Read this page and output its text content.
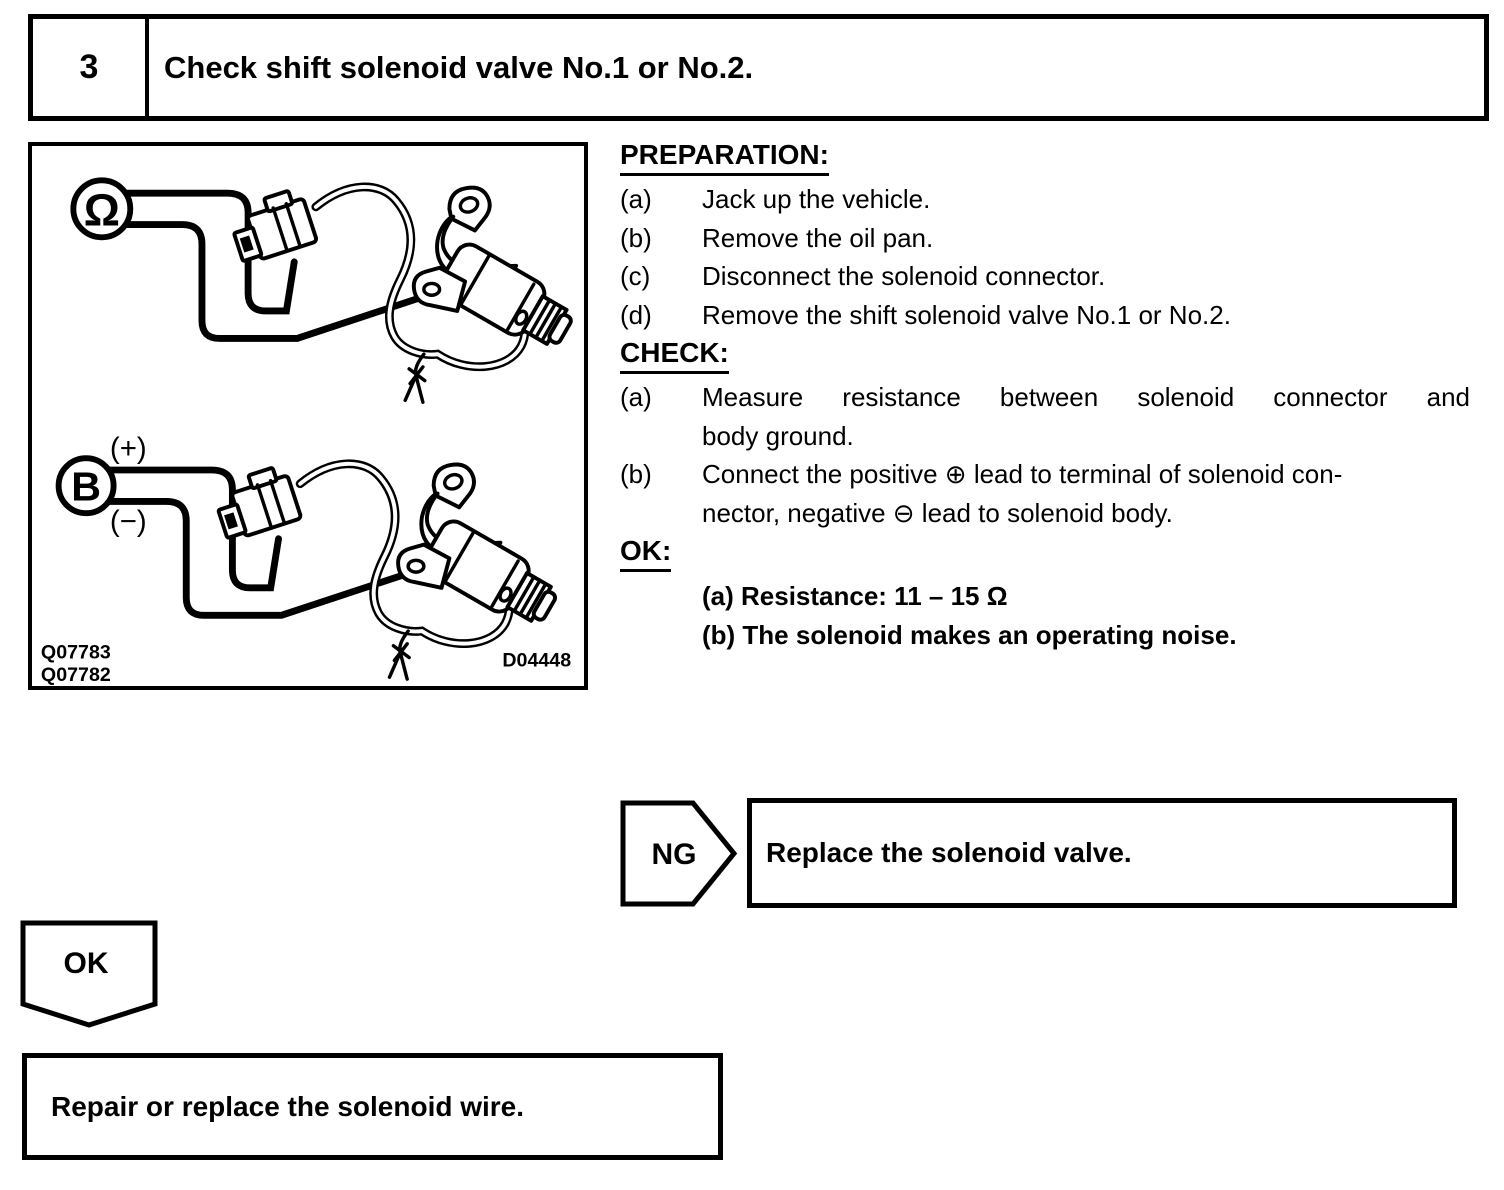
3	Check shift solenoid valve No.1 or No.2.
Ω
B
(+)
(−)
Q07783
Q07782
D04448
PREPARATION:
(a)	Jack up the vehicle.
(b)	Remove the oil pan.
(c)	Disconnect the solenoid connector.
(d)	Remove the shift solenoid valve No.1 or No.2.
CHECK:
(a)	Measure resistance between solenoid connector and
body ground.
(b)	Connect the positive ⊕ lead to terminal of solenoid con-
nector, negative ⊖ lead to solenoid body.
OK:
(a) Resistance: 11 – 15 Ω
(b) The solenoid makes an operating noise.
NG Replace the solenoid valve.
OK
Repair or replace the solenoid wire.
